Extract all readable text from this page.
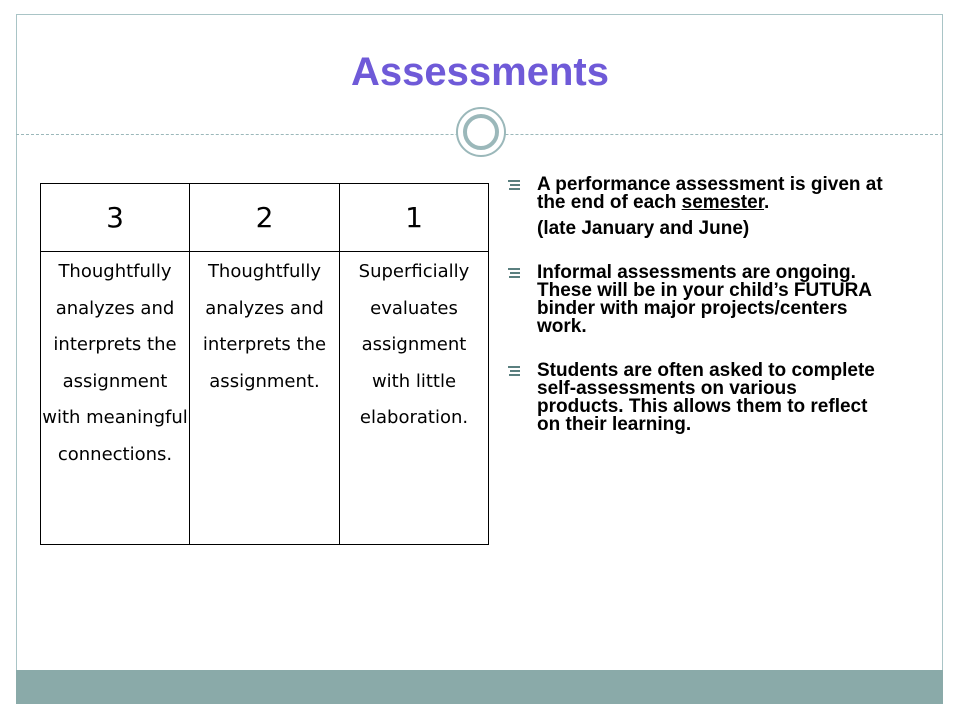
Assessments
3	2	1
Thoughtfully analyzes and interprets the assignment with meaningful connections.	Thoughtfully analyzes and interprets the assignment.	Superficially evaluates assignment with little elaboration.
A performance assessment is given at the end of each semester.
(late January and June)
Informal assessments are ongoing. These will be in your child’s FUTURA binder with major projects/centers work.
Students are often asked to complete self-assessments on various products. This allows them to reflect on their learning.
